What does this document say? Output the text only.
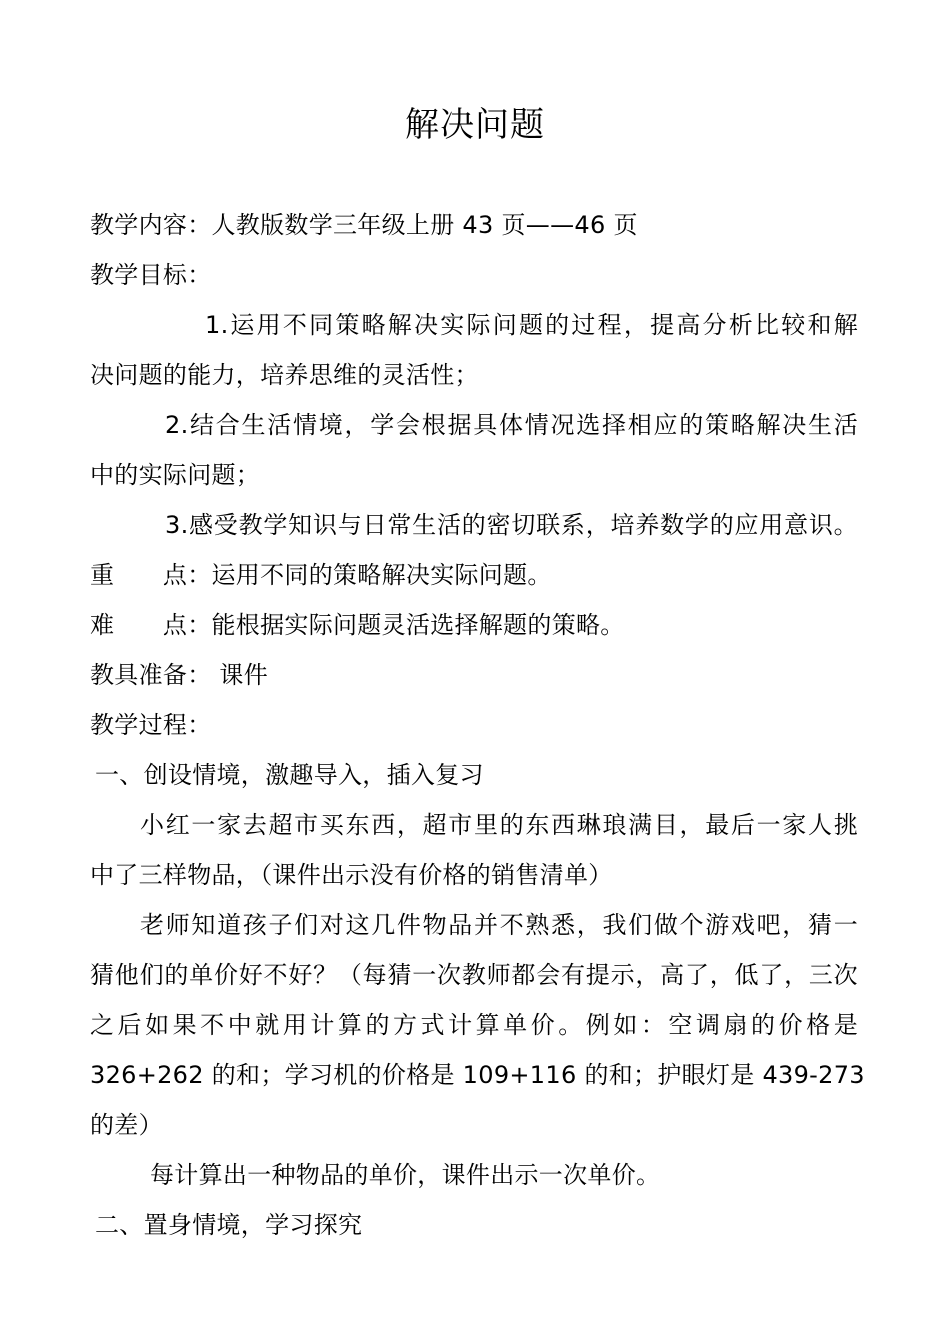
解决问题
教学内容：人教版数学三年级上册 43 页——46 页
教学目标：
1.运用不同策略解决实际问题的过程，提高分析比较和解
决问题的能力，培养思维的灵活性；
2.结合生活情境，学会根据具体情况选择相应的策略解决生活
中的实际问题；
3.感受教学知识与日常生活的密切联系，培养数学的应用意识。
重　　点：运用不同的策略解决实际问题。
难　　点：能根据实际问题灵活选择解题的策略。
教具准备： 课件
教学过程：
一、创设情境，激趣导入，插入复习
小红一家去超市买东西，超市里的东西琳琅满目，最后一家人挑
中了三样物品，（课件出示没有价格的销售清单）
老师知道孩子们对这几件物品并不熟悉，我们做个游戏吧，猜一
猜他们的单价好不好？（每猜一次教师都会有提示，高了，低了，三次
之后如果不中就用计算的方式计算单价。例如：空调扇的价格是
326+262 的和；学习机的价格是 109+116 的和；护眼灯是 439-273
的差）
每计算出一种物品的单价，课件出示一次单价。
二、置身情境，学习探究
